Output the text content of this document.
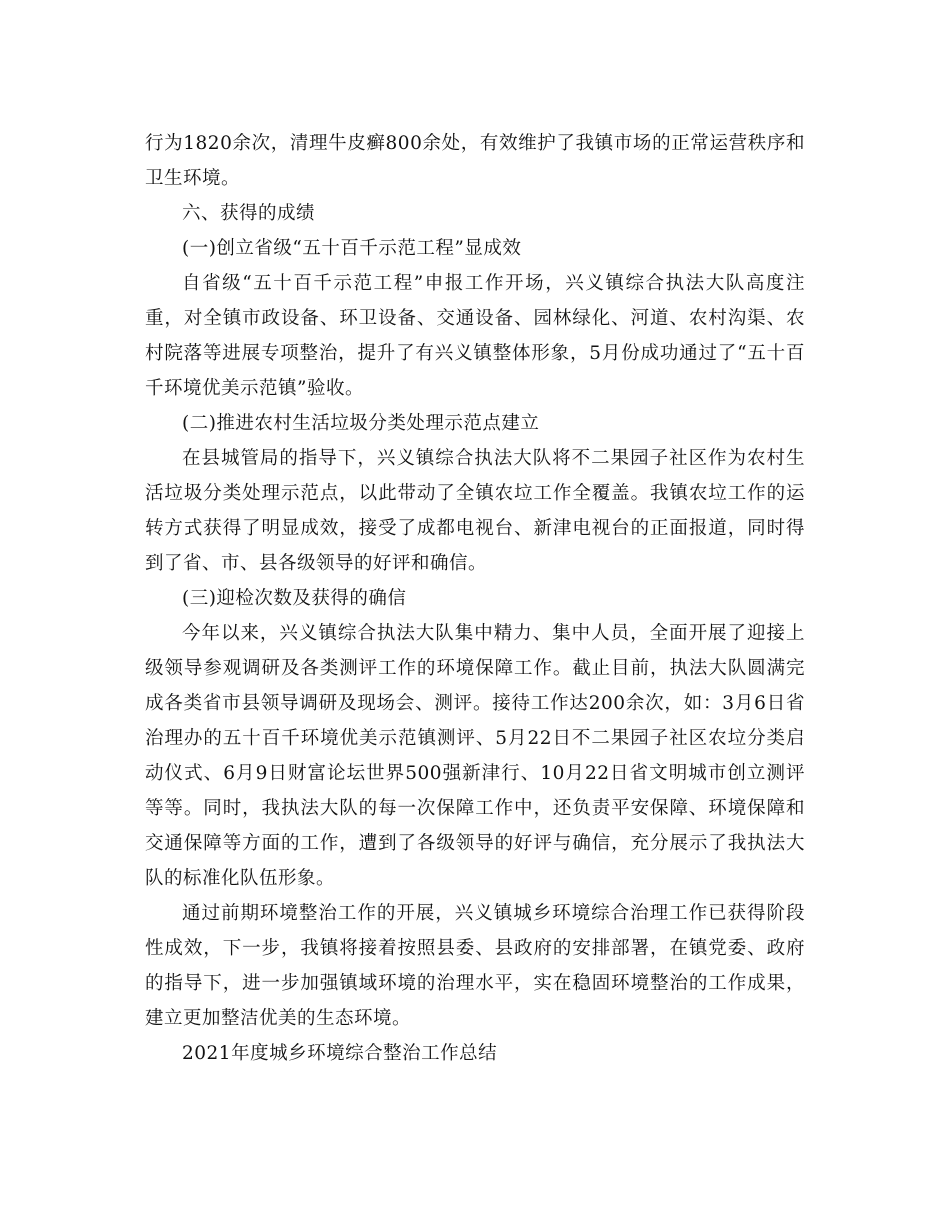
行为1820余次，清理牛皮癣800余处，有效维护了我镇市场的正常运营秩序和卫生环境。

六、获得的成绩

(一)创立省级“五十百千示范工程”显成效

自省级“五十百千示范工程”申报工作开场，兴义镇综合执法大队高度注重，对全镇市政设备、环卫设备、交通设备、园林绿化、河道、农村沟渠、农村院落等进展专项整治，提升了有兴义镇整体形象，5月份成功通过了“五十百千环境优美示范镇”验收。

(二)推进农村生活垃圾分类处理示范点建立

在县城管局的指导下，兴义镇综合执法大队将不二果园子社区作为农村生活垃圾分类处理示范点，以此带动了全镇农垃工作全覆盖。我镇农垃工作的运转方式获得了明显成效，接受了成都电视台、新津电视台的正面报道，同时得到了省、市、县各级领导的好评和确信。

(三)迎检次数及获得的确信

今年以来，兴义镇综合执法大队集中精力、集中人员，全面开展了迎接上级领导参观调研及各类测评工作的环境保障工作。截止目前，执法大队圆满完成各类省市县领导调研及现场会、测评。接待工作达200余次，如：3月6日省治理办的五十百千环境优美示范镇测评、5月22日不二果园子社区农垃分类启动仪式、6月9日财富论坛世界500强新津行、10月22日省文明城市创立测评等等。同时，我执法大队的每一次保障工作中，还负责平安保障、环境保障和交通保障等方面的工作，遭到了各级领导的好评与确信，充分展示了我执法大队的标准化队伍形象。

通过前期环境整治工作的开展，兴义镇城乡环境综合治理工作已获得阶段性成效，下一步，我镇将接着按照县委、县政府的安排部署，在镇党委、政府的指导下，进一步加强镇域环境的治理水平，实在稳固环境整治的工作成果，建立更加整洁优美的生态环境。

2021年度城乡环境综合整治工作总结
